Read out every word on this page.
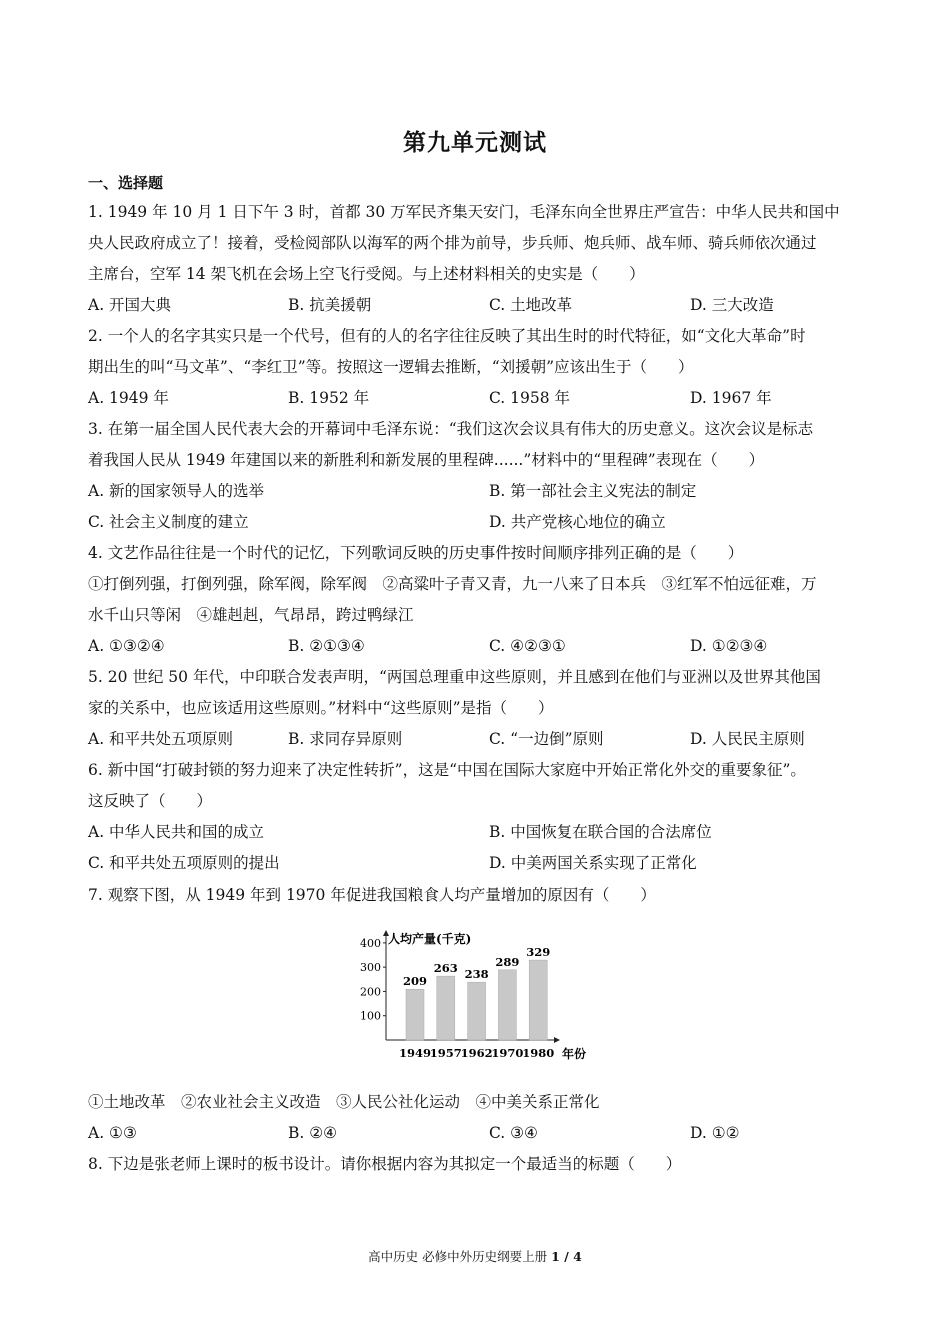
第九单元测试
一、选择题
1. 1949 年 10 月 1 日下午 3 时，首都 30 万军民齐集天安门，毛泽东向全世界庄严宣告：中华人民共和国中
央人民政府成立了！接着，受检阅部队以海军的两个排为前导，步兵师、炮兵师、战车师、骑兵师依次通过
主席台，空军 14 架飞机在会场上空飞行受阅。与上述材料相关的史实是（　　）
A. 开国大典	B. 抗美援朝	C. 土地改革	D. 三大改造
2. 一个人的名字其实只是一个代号，但有的人的名字往往反映了其出生时的时代特征，如“文化大革命”时
期出生的叫“马文革”、“李红卫”等。按照这一逻辑去推断，“刘援朝”应该出生于（　　）
A. 1949 年	B. 1952 年	C. 1958 年	D. 1967 年
3. 在第一届全国人民代表大会的开幕词中毛泽东说：“我们这次会议具有伟大的历史意义。这次会议是标志
着我国人民从 1949 年建国以来的新胜利和新发展的里程碑......”材料中的“里程碑”表现在（　　）
A. 新的国家领导人的选举	B. 第一部社会主义宪法的制定
C. 社会主义制度的建立	D. 共产党核心地位的确立
4. 文艺作品往往是一个时代的记忆，下列歌词反映的历史事件按时间顺序排列正确的是（　　）
①打倒列强，打倒列强，除军阀，除军阀　②高粱叶子青又青，九一八来了日本兵　③红军不怕远征难，万
水千山只等闲　④雄赳赳，气昂昂，跨过鸭绿江
A. ①③②④	B. ②①③④	C. ④②③①	D. ①②③④
5. 20 世纪 50 年代，中印联合发表声明，“两国总理重申这些原则，并且感到在他们与亚洲以及世界其他国
家的关系中，也应该适用这些原则。”材料中“这些原则”是指（　　）
A. 和平共处五项原则	B. 求同存异原则	C. “一边倒”原则	D. 人民民主原则
6. 新中国“打破封锁的努力迎来了决定性转折”，这是“中国在国际大家庭中开始正常化外交的重要象征”。
这反映了（　　）
A. 中华人民共和国的成立	B. 中国恢复在联合国的合法席位
C. 和平共处五项原则的提出	D. 中美两国关系实现了正常化
7. 观察下图，从 1949 年到 1970 年促进我国粮食人均产量增加的原因有（　　）
人均产量(千克)
100
200
300
400
209
1949
263
1957
238
1962
289
1970
329
1980 年份
①土地改革　②农业社会主义改造　③人民公社化运动　④中美关系正常化
A. ①③	B. ②④	C. ③④	D. ①②
8. 下边是张老师上课时的板书设计。请你根据内容为其拟定一个最适当的标题（　　）
高中历史 必修中外历史纲要上册 1 / 4
